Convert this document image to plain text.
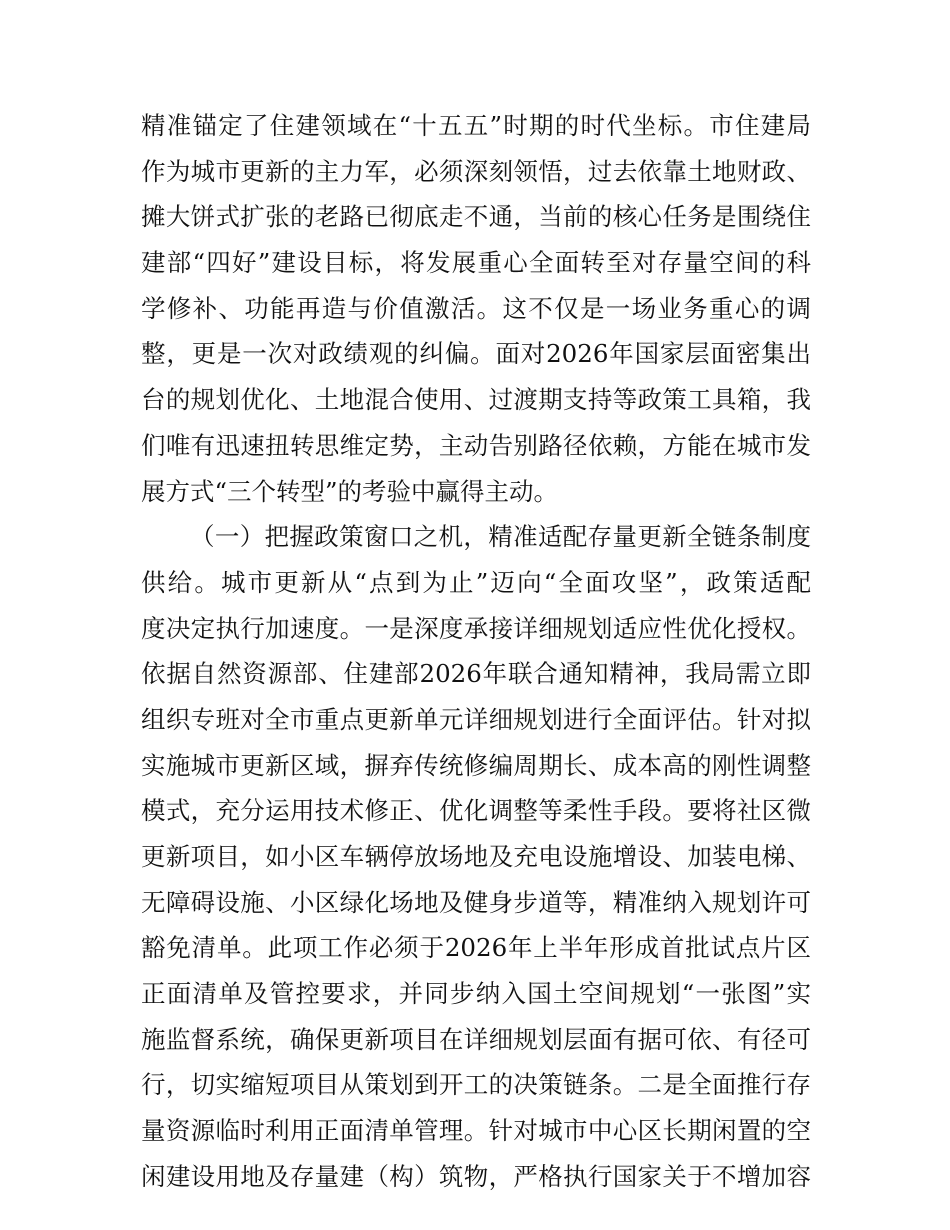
精准锚定了住建领域在“十五五”时期的时代坐标。市住建局
作为城市更新的主力军，必须深刻领悟，过去依靠土地财政、
摊大饼式扩张的老路已彻底走不通，当前的核心任务是围绕住
建部“四好”建设目标，将发展重心全面转至对存量空间的科
学修补、功能再造与价值激活。这不仅是一场业务重心的调
整，更是一次对政绩观的纠偏。面对2026年国家层面密集出
台的规划优化、土地混合使用、过渡期支持等政策工具箱，我
们唯有迅速扭转思维定势，主动告别路径依赖，方能在城市发
展方式“三个转型”的考验中赢得主动。
（一）把握政策窗口之机，精准适配存量更新全链条制度
供给。城市更新从“点到为止”迈向“全面攻坚”，政策适配
度决定执行加速度。一是深度承接详细规划适应性优化授权。
依据自然资源部、住建部2026年联合通知精神，我局需立即
组织专班对全市重点更新单元详细规划进行全面评估。针对拟
实施城市更新区域，摒弃传统修编周期长、成本高的刚性调整
模式，充分运用技术修正、优化调整等柔性手段。要将社区微
更新项目，如小区车辆停放场地及充电设施增设、加装电梯、
无障碍设施、小区绿化场地及健身步道等，精准纳入规划许可
豁免清单。此项工作必须于2026年上半年形成首批试点片区
正面清单及管控要求，并同步纳入国土空间规划“一张图”实
施监督系统，确保更新项目在详细规划层面有据可依、有径可
行，切实缩短项目从策划到开工的决策链条。二是全面推行存
量资源临时利用正面清单管理。针对城市中心区长期闲置的空
闲建设用地及存量建（构）筑物，严格执行国家关于不增加容
